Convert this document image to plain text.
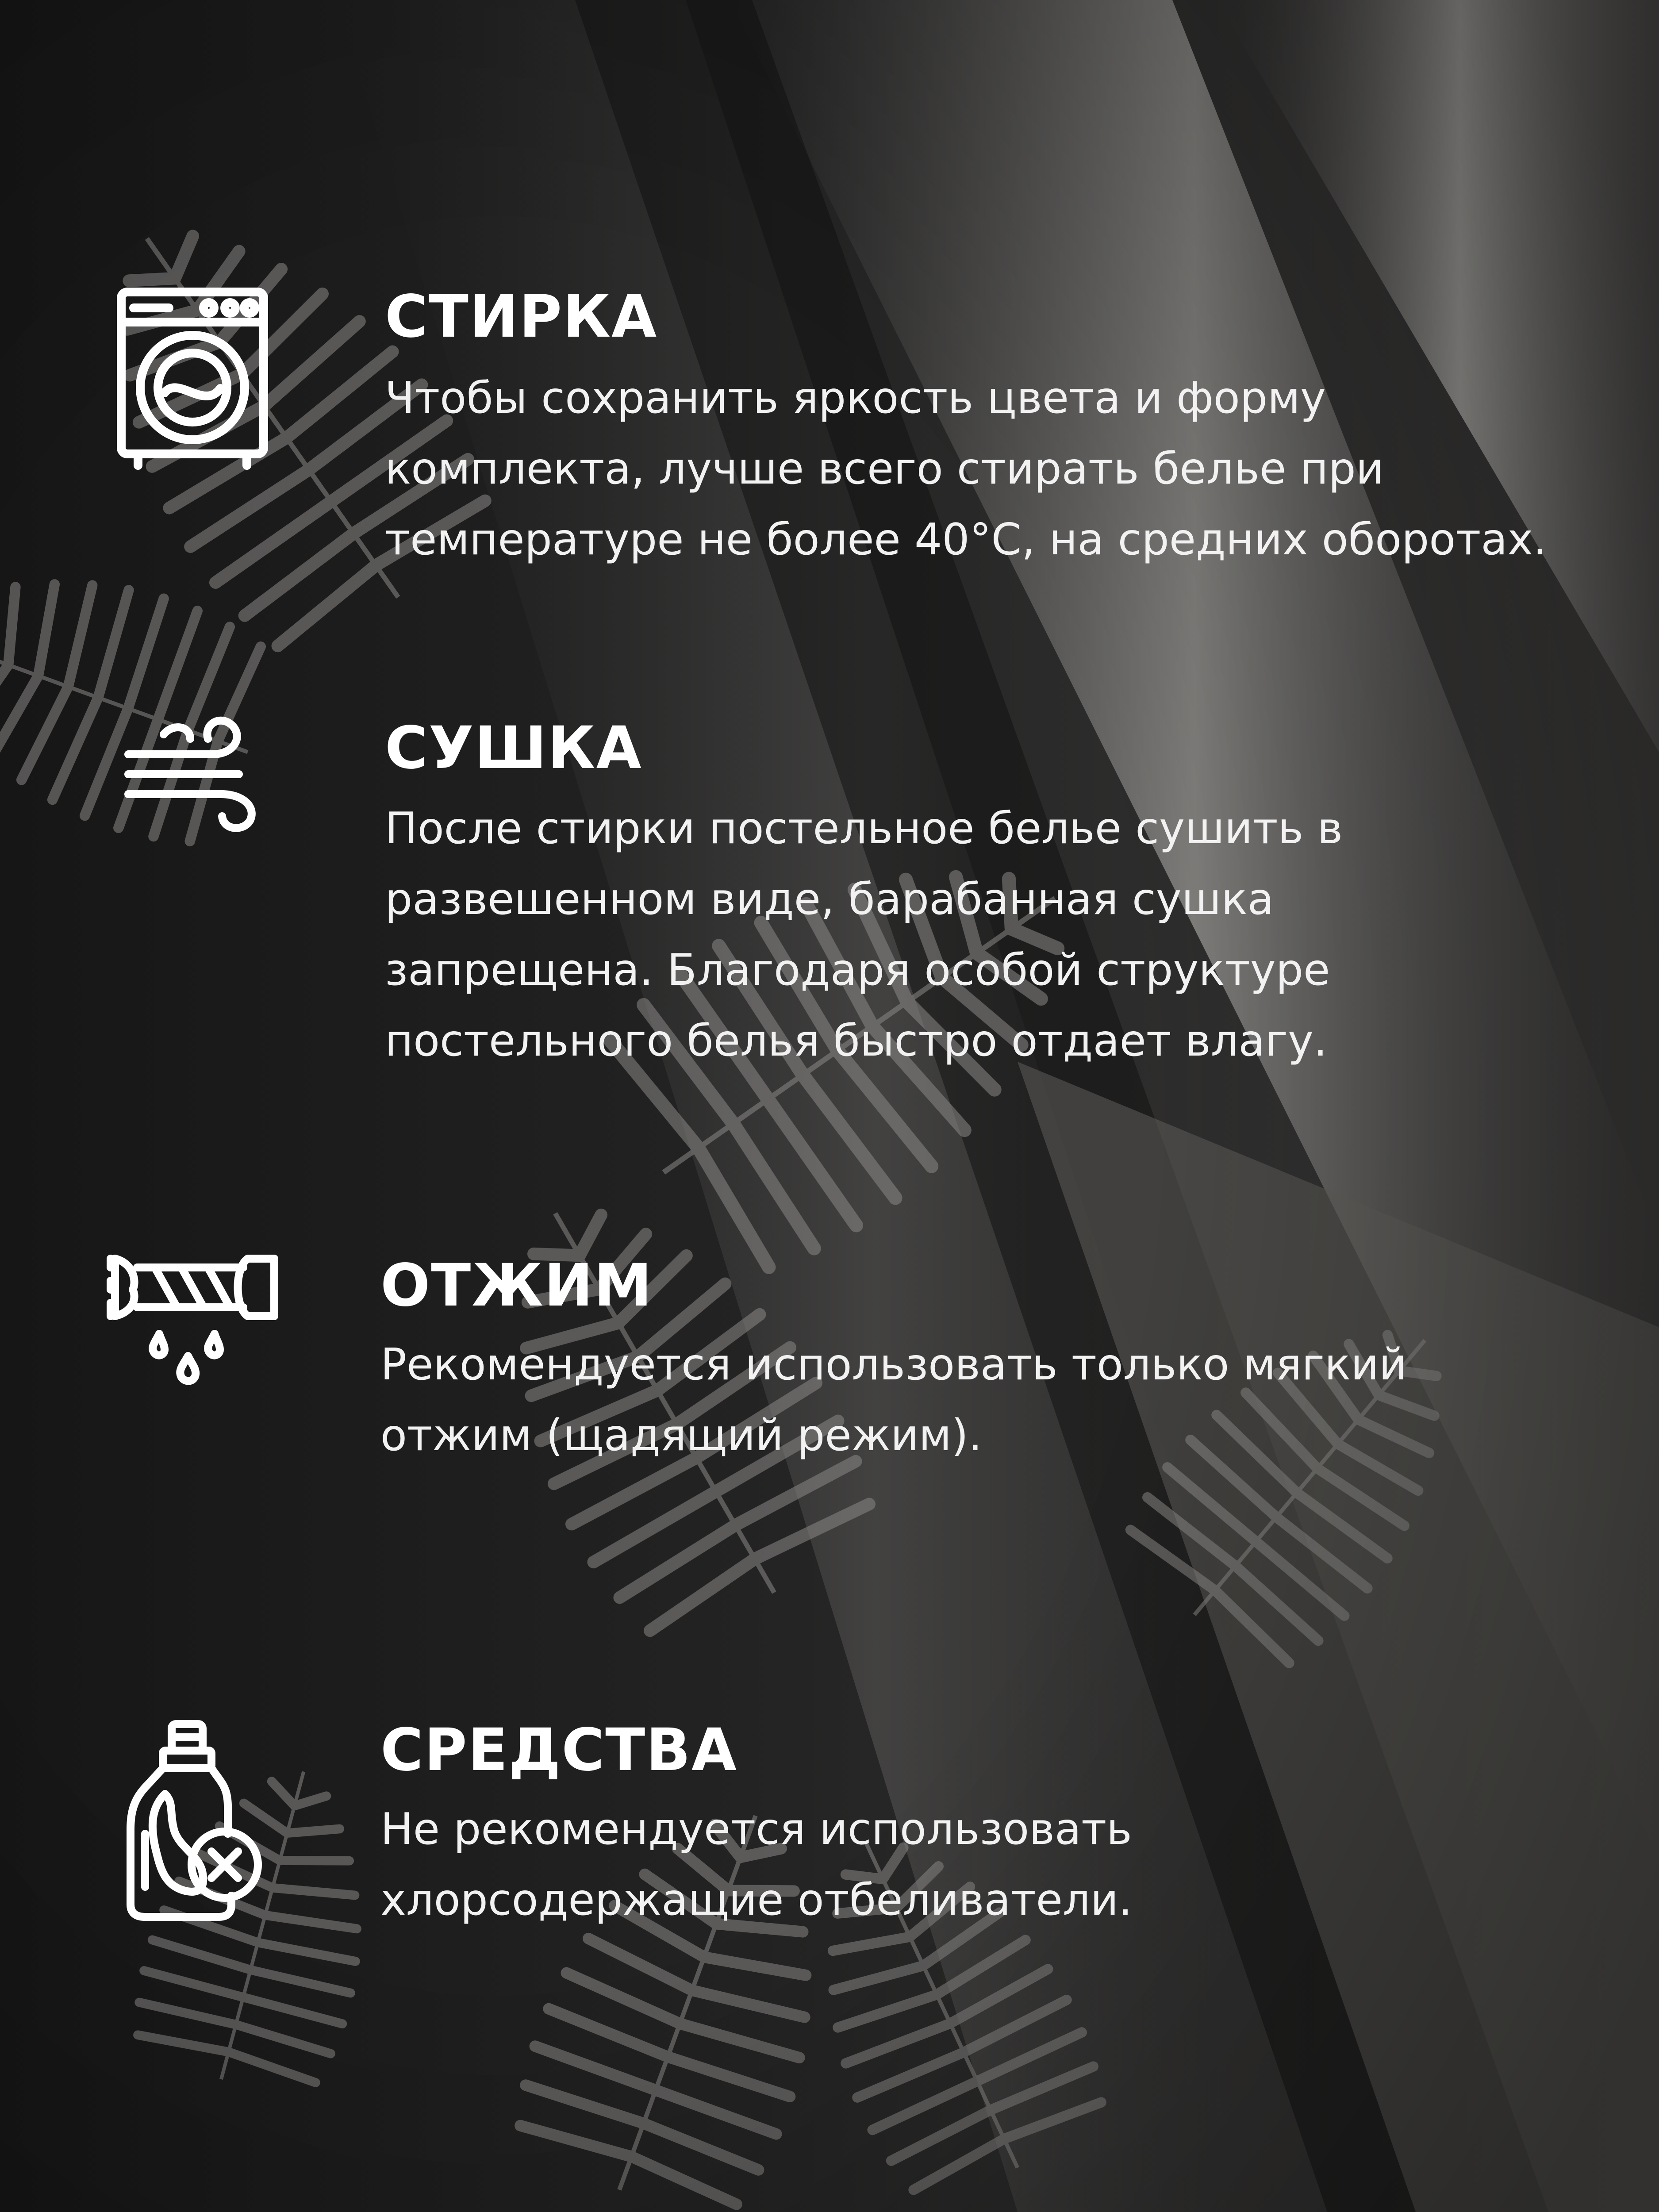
СТИРКА
Чтобы сохранить яркость цвета и форму
комплекта, лучше всего стирать белье при
температуре не более 40°С, на средних оборотах.
СУШКА
После стирки постельное белье сушить в
развешенном виде, барабанная сушка
запрещена. Благодаря особой структуре
постельного белья быстро отдает влагу.
ОТЖИМ
Рекомендуется использовать только мягкий
отжим (щадящий режим).
СРЕДСТВА
Не рекомендуется использовать
хлорсодержащие отбеливатели.
